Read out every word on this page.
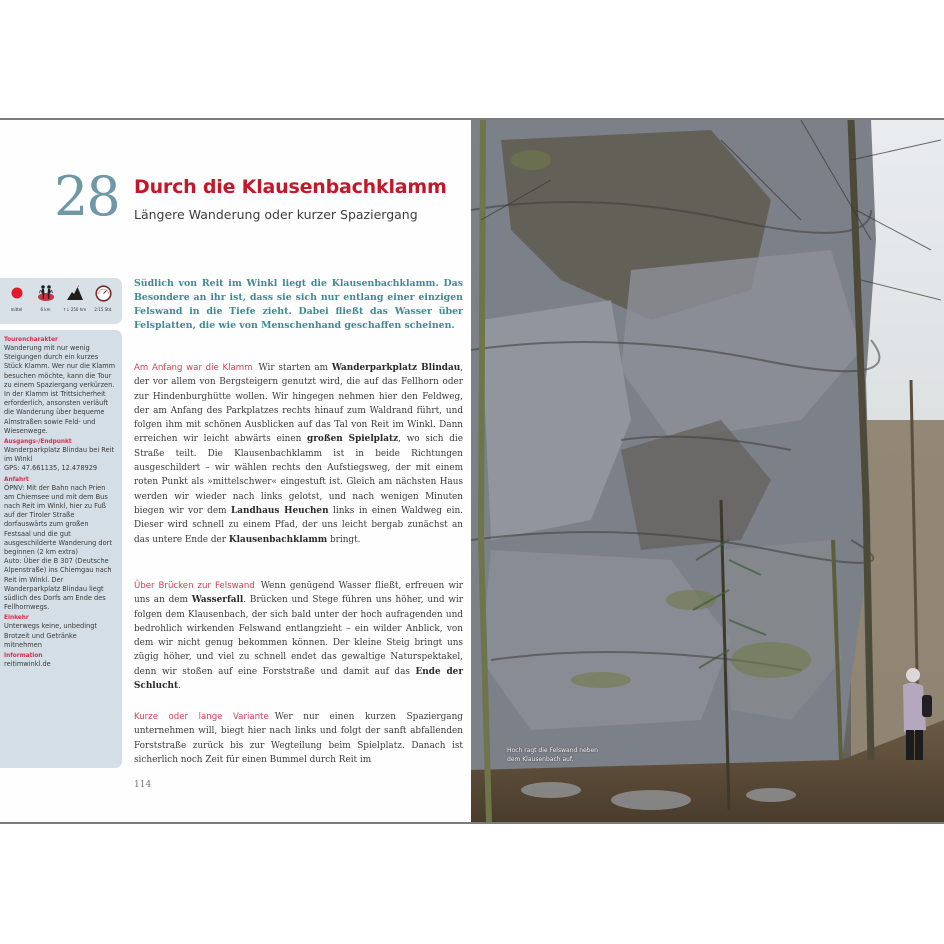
28 Durch die Klausenbachklamm
Längere Wanderung oder kurzer Spaziergang
mittel	6 km	↑↓ 250 hm 2:15 Std.
Tourencharakter
Wanderung mit nur wenig Steigungen durch ein kurzes Stück Klamm. Wer nur die Klamm besuchen möchte, kann die Tour zu einem Spaziergang verkürzen. In der Klamm ist Trittsicherheit erforderlich, ansonsten verläuft die Wanderung über bequeme Almstraßen sowie Feld- und Wiesenwege.
Ausgangs-/Endpunkt
Wanderparkplatz Blindau bei Reit im Winkl
GPS: 47.661135, 12.478929
Anfahrt
ÖPNV: Mit der Bahn nach Prien am Chiemsee und mit dem Bus nach Reit im Winkl, hier zu Fuß auf der Tiroler Straße dorfauswärts zum großen Festsaal und die gut ausgeschilderte Wanderung dort beginnen (2 km extra)
Auto: Über die B 307 (Deutsche Alpenstraße) ins Chiemgau nach Reit im Winkl. Der Wanderparkplatz Blindau liegt südlich des Dorfs am Ende des Fellhornwegs.
Einkehr
Unterwegs keine, unbedingt Brotzeit und Getränke mitnehmen
Information
reitimwinkl.de

Südlich von Reit im Winkl liegt die Klausenbachklamm. Das Besondere an ihr ist, dass sie sich nur entlang einer einzigen Felswand in die Tiefe zieht. Dabei fließt das Wasser über Felsplatten, die wie von Menschenhand geschaffen scheinen.

Am Anfang war die Klamm Wir starten am Wanderparkplatz Blindau, der vor allem von Bergsteigern genutzt wird, die auf das Fellhorn oder zur Hindenburghütte wollen. Wir hingegen nehmen hier den Feldweg, der am Anfang des Parkplatzes rechts hinauf zum Waldrand führt, und folgen ihm mit schönen Ausblicken auf das Tal von Reit im Winkl. Dann erreichen wir leicht abwärts einen großen Spielplatz, wo sich die Straße teilt. Die Klausenbachklamm ist in beide Richtungen ausgeschildert – wir wählen rechts den Aufstiegsweg, der mit einem roten Punkt als »mittelschwer« eingestuft ist. Gleich am nächsten Haus werden wir wieder nach links gelotst, und nach wenigen Minuten biegen wir vor dem Landhaus Heuchen links in einen Waldweg ein. Dieser wird schnell zu einem Pfad, der uns leicht bergab zunächst an das untere Ende der Klausenbachklamm bringt.

Über Brücken zur Felswand Wenn genügend Wasser fließt, erfreuen wir uns an dem Wasserfall. Brücken und Stege führen uns höher, und wir folgen dem Klausenbach, der sich bald unter der hoch aufragenden und bedrohlich wirkenden Felswand entlangzieht – ein wilder Anblick, von dem wir nicht genug bekommen können. Der kleine Steig bringt uns zügig höher, und viel zu schnell endet das gewaltige Naturspektakel, denn wir stoßen auf eine Forststraße und damit auf das Ende der Schlucht.

Kurze oder lange Variante Wer nur einen kurzen Spaziergang unternehmen will, biegt hier nach links und folgt der sanft abfallenden Forststraße zurück bis zur Wegteilung beim Spielplatz. Danach ist sicherlich noch Zeit für einen Bummel durch Reit im

114
Hoch ragt die Felswand neben dem Klausenbach auf.
